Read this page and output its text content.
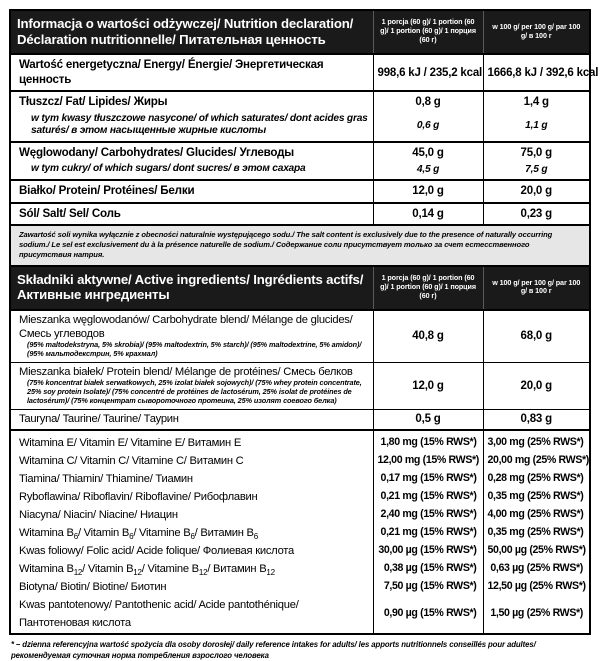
Informacja o wartości odżywczej/ Nutrition declaration/ Déclaration nutritionnelle/ Питательная ценность	1 porcja (60 g)/ 1 portion (60 g)/ 1 portion (60 g)/ 1 порция (60 г)	w 100 g/ per 100 g/ par 100 g/ в 100 г

Wartość energetyczna/ Energy/ Énergie/ Энергетическая ценность	998,6 kJ / 235,2 kcal	1666,8 kJ / 392,6 kcal

Tłuszcz/ Fat/ Lipides/ Жиры	0,8 g	1,4 g

w tym kwasy tłuszczowe nasycone/ of which saturates/ dont acides gras saturés/ в этом насыщенные жирные кислоты	0,6 g	1,1 g

Węglowodany/ Carbohydrates/ Glucides/ Углеводы	45,0 g	75,0 g

w tym cukry/ of which sugars/ dont sucres/ в этом сахара	4,5 g	7,5 g

Białko/ Protein/ Protéines/ Белки	12,0 g	20,0 g

Sól/ Salt/ Sel/ Соль	0,14 g	0,23 g

Zawartość soli wynika wyłącznie z obecności naturalnie występującego sodu./ The salt content is exclusively due to the presence of naturally occurring sodium./ Le sel est exclusivement du à la présence naturelle de sodium./ Содержание соли присутствует только за счет естесственного присутствия натрия.		

Składniki aktywne/ Active ingredients/ Ingrédients actifs/ Активные ингредиенты	1 porcja (60 g)/ 1 portion (60 g)/ 1 portion (60 g)/ 1 порция (60 г)	w 100 g/ per 100 g/ par 100 g/ в 100 г

Mieszanka węglowodanów/ Carbohydrate blend/ Mélange de glucides/ Смесь углеводов
(95% maltodekstryna, 5% skrobia)/ (95% maltodextrin, 5% starch)/ (95% maltodextrine, 5% amidon)/ (95% мальтодекстрин, 5% крахмал)	40,8 g	68,0 g

Mieszanka białek/ Protein blend/ Mélange de protéines/ Смесь белков
(75% koncentrat białek serwatkowych, 25% izolat białek sojowych)/ (75% whey protein concentrate, 25% soy protein Isolate)/ (75% concentré de protéines de lactosérum, 25% isolat de protéines de lactosérum)/ (75% концентрат сывороточного протеина, 25% изолят соевого белка)	12,0 g	20,0 g

Tauryna/ Taurine/ Taurine/ Таурин	0,5 g	0,83 g
Witamina E/ Vitamin E/ Vitamine E/ Витамин E	1,80 mg (15% RWS*)	3,00 mg (25% RWS*)
Witamina C/ Vitamin C/ Vitamine C/ Витамин C	12,00 mg (15% RWS*)	20,00 mg (25% RWS*)
Tiamina/ Thiamin/ Thiamine/ Тиамин	0,17 mg (15% RWS*)	0,28 mg (25% RWS*)
Ryboflawina/ Riboflavin/ Riboflavine/ Рибофлавин	0,21 mg (15% RWS*)	0,35 mg (25% RWS*)
Niacyna/ Niacin/ Niacine/ Ниацин	2,40 mg (15% RWS*)	4,00 mg (25% RWS*)
Witamina $B_6/$ Vitamin $B_6/$ Vitamine $B_6/$ Витамин $B_6$	0,21 mg (15% RWS*)	0,35 mg (25% RWS*)
Kwas foliowy/ Folic acid/ Acide folique/ Фолиевая кислота	30,00 µg (15% RWS*)	50,00 µg (25% RWS*)
Witamina $B_{12}/$ Vitamin $B_{12}/$ Vitamine $B_{12}/$ Витамин $B_{12}$	0,38 µg (15% RWS*)	0,63 µg (25% RWS*)
Biotyna/ Biotin/ Biotine/ Биотин	7,50 µg (15% RWS*)	12,50 µg (25% RWS*)
Kwas pantotenowy/ Pantothenic acid/ Acide pantothénique/ Пантотеновая кислота	0,90 µg (15% RWS*)	1,50 µg (25% RWS*)
* – dzienna referencyjna wartość spożycia dla osoby dorosłej/ daily reference intakes for adults/ les apports nutritionnels conseillés pour adultes/ рекомендуемая суточная норма потребления взрослого человека
